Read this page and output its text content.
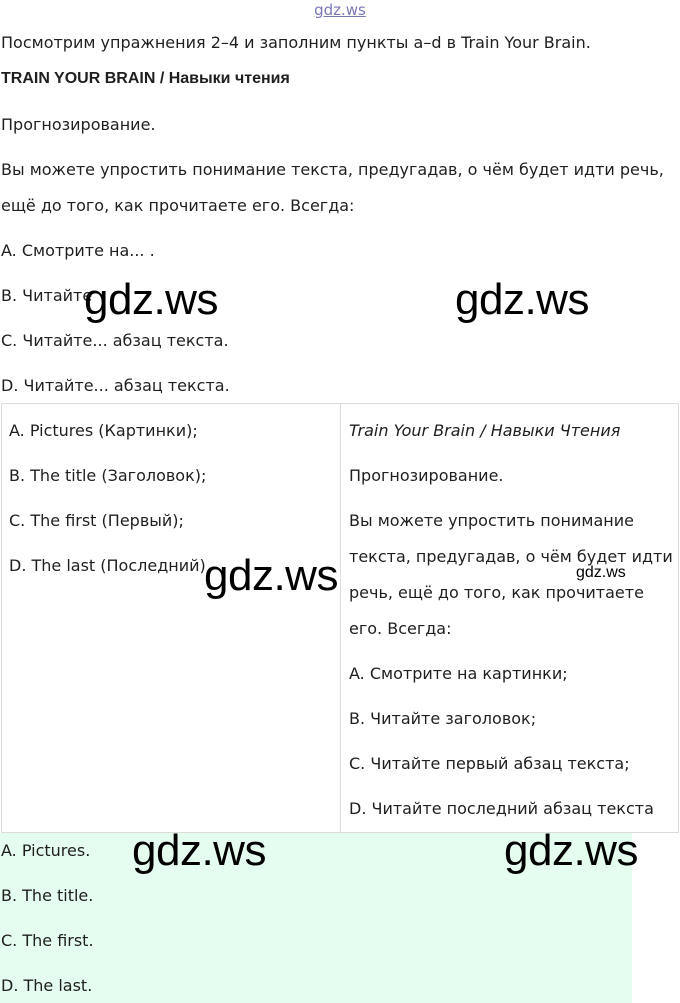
gdz.ws
Посмотрим упражнения 2–4 и заполним пункты a–d в Train Your Brain.
TRAIN YOUR BRAIN / Навыки чтения
Прогнозирование.
Вы можете упростить понимание текста, предугадав, о чём будет идти речь,
ещё до того, как прочитаете его. Всегда:
A. Смотрите на... .
B. Читайте
C. Читайте... абзац текста.
D. Читайте... абзац текста.
A. Pictures (Картинки);
B. The title (Заголовок);
C. The first (Первый);
D. The last (Последний)
Train Your Brain / Навыки Чтения
Прогнозирование.
Вы можете упростить понимание
текста, предугадав, о чём будет идти
речь, ещё до того, как прочитаете
его. Всегда:
A. Смотрите на картинки;
B. Читайте заголовок;
C. Читайте первый абзац текста;
D. Читайте последний абзац текста
A. Pictures.
B. The title.
C. The first.
D. The last.
gdz.ws	gdz.ws
gdz.ws	gdz.ws
gdz.ws	gdz.ws
